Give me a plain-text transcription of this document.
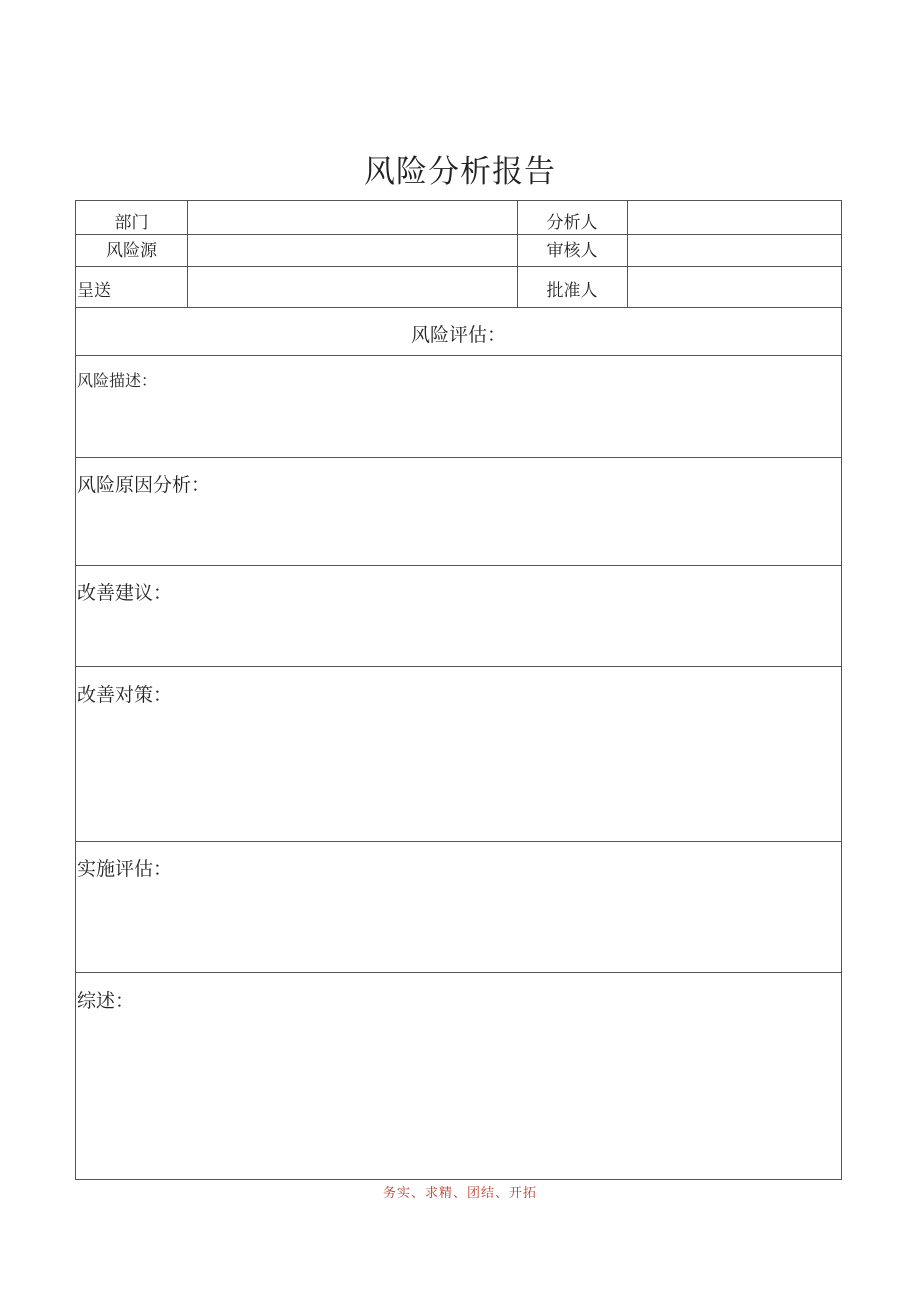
风险分析报告
部门	分析人
风险源	审核人
呈送	批准人
风险评估：
风险描述：
风险原因分析：
改善建议：
改善对策：
实施评估：
综述：
务实、求精、团结、开拓
